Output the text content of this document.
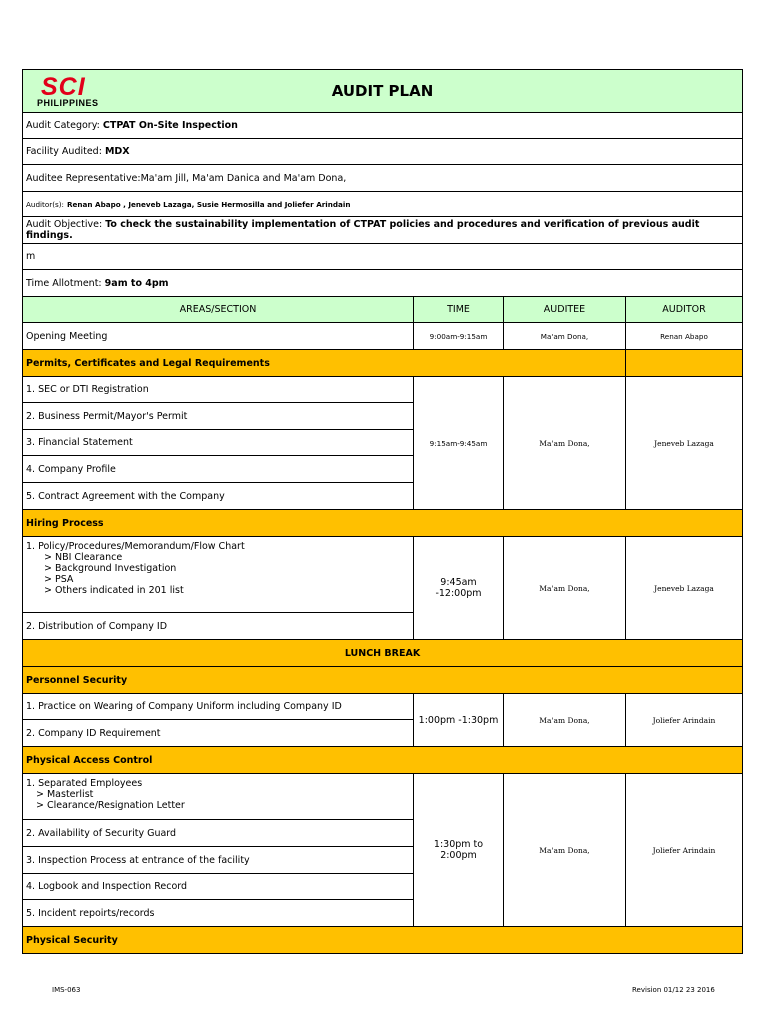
SCI
PHILIPPINES
AUDIT PLAN			

Audit Category: CTPAT On-Site Inspection			
Facility Audited: MDX			
Auditee Representative:Ma'am Jill, Ma'am Danica and Ma'am Dona,			
Auditor(s): Renan Abapo , Jeneveb Lazaga, Susie Hermosilla and Joliefer Arindain			
Audit Objective: To check the sustainability implementation of CTPAT policies and procedures and verification of previous audit findings.			
m			
Time Allotment: 9am to 4pm			
AREAS/SECTION	TIME	AUDITEE	AUDITOR
Opening Meeting	9:00am-9:15am	Ma'am Dona,	Renan Abapo
Permits, Certificates and Legal Requirements			
1. SEC or DTI Registration	9:15am-9:45am	Ma'am Dona,	Jeneveb Lazaga
2. Business Permit/Mayor's Permit			
3. Financial Statement			
4. Company Profile			
5. Contract Agreement with the Company			
Hiring Process			
1. Policy/Procedures/Memorandum/Flow Chart
> NBI Clearance
> Background Investigation
> PSA
> Others indicated in 201 list	9:45am -12:00pm	Ma'am Dona,	Jeneveb Lazaga
2. Distribution of Company ID			
LUNCH BREAK			
Personnel Security			
1. Practice on Wearing of Company Uniform including Company ID	1:00pm -1:30pm	Ma'am Dona,	Joliefer Arindain
2. Company ID Requirement			
Physical Access Control			
1. Separated Employees
> Masterlist
> Clearance/Resignation Letter	1:30pm to 2:00pm	Ma'am Dona,	Joliefer Arindain
2. Availability of Security Guard			
3. Inspection Process at entrance of the facility			
4. Logbook and Inspection Record			
5. Incident repoirts/records			
Physical Security			
IMS-063	Revision 01/12 23 2016
